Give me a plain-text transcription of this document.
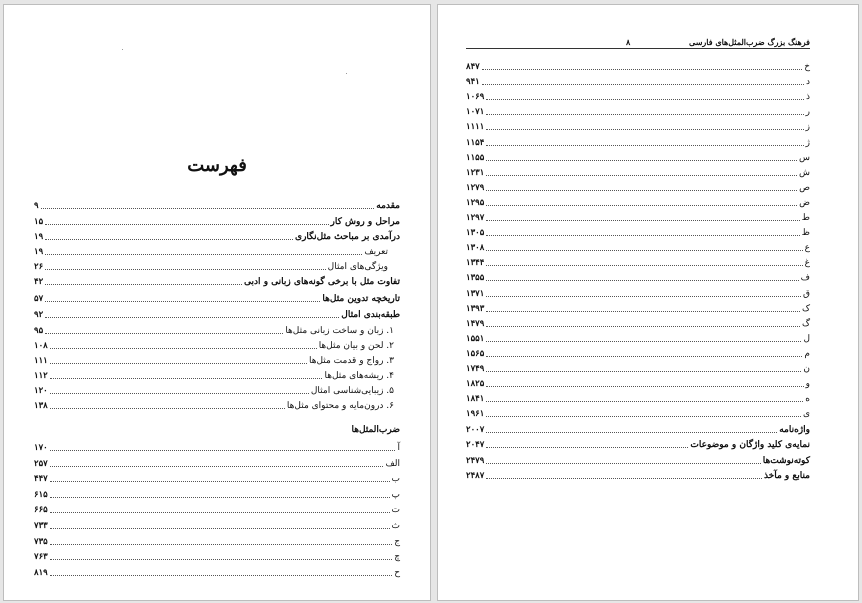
فهرست
مقدمه
۹
مراحل و روش کار
۱۵
درآمدی بر مباحث مثل‌نگاری
۱۹
تعریف
۱۹
ویژگی‌های امثال
۲۶
تفاوت مثل با برخی گونه‌های زبانی و ادبی
۴۲
تاریخچه تدوین مثل‌ها
۵۷
طبقه‌بندی امثال
۹۲
۱. زبان و ساخت زبانی مثل‌ها
۹۵
۲. لحن و بیان مثل‌ها
۱۰۸
۳. رواج و قدمت مثل‌ها
۱۱۱
۴. ریشه‌های مثل‌ها
۱۱۲
۵. زیبایی‌شناسی امثال
۱۲۰
۶. درون‌مایه و محتوای مثل‌ها
۱۳۸
ضرب‌المثل‌ها
آ
۱۷۰
الف
۲۵۷
ب
۴۴۷
پ
۶۱۵
ت
۶۶۵
ث
۷۳۳
ج
۷۳۵
چ
۷۶۳
ح
۸۱۹
فرهنگ بزرگ ضرب‌المثل‌های فارسی
۸
خ
۸۴۷
د
۹۴۱
ذ
۱۰۶۹
ر
۱۰۷۱
ز
۱۱۱۱
ژ
۱۱۵۴
س
۱۱۵۵
ش
۱۲۳۱
ص
۱۲۷۹
ض
۱۲۹۵
ط
۱۲۹۷
ظ
۱۳۰۵
ع
۱۳۰۸
غ
۱۳۴۴
ف
۱۳۵۵
ق
۱۳۷۱
ک
۱۳۹۳
گ
۱۴۷۹
ل
۱۵۵۱
م
۱۵۶۵
ن
۱۷۴۹
و
۱۸۲۵
ه
۱۸۴۱
ی
۱۹۶۱
واژه‌نامه
۲۰۰۷
نمایه‌ی کلید واژگان و موضوعات
۲۰۴۷
کوته‌نوشت‌ها
۲۴۷۹
منابع و مآخذ
۲۴۸۷
